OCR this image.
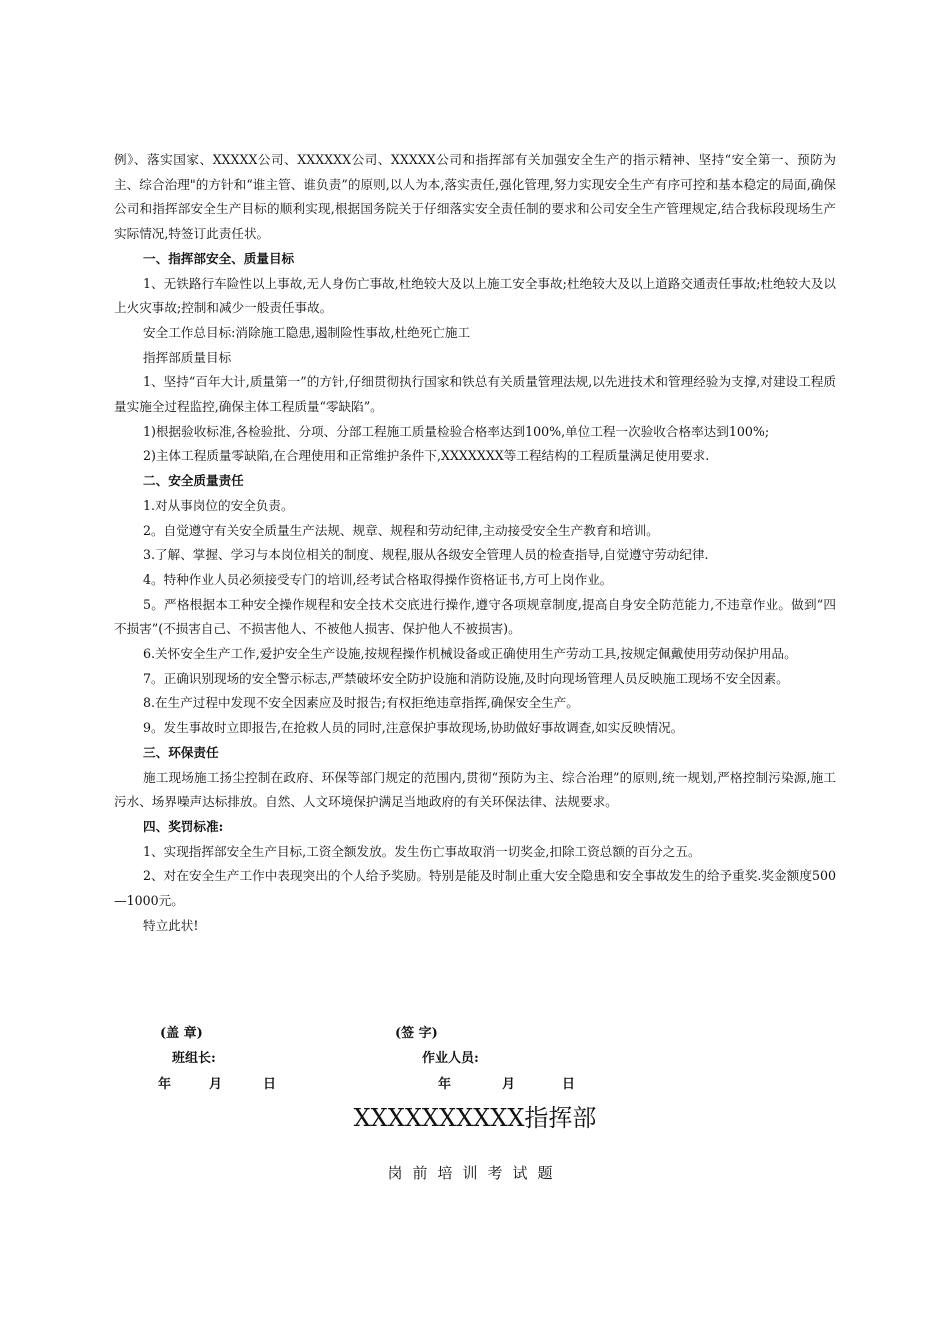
例》、落实国家、XXXXX公司、XXXXXX公司、XXXXX公司和指挥部有关加强安全生产的指示精神、坚持“安全第一、预防为主、综合治理"的方针和“谁主管、谁负责”的原则,以人为本,落实责任,强化管理,努力实现安全生产有序可控和基本稳定的局面,确保公司和指挥部安全生产目标的顺利实现,根据国务院关于仔细落实安全责任制的要求和公司安全生产管理规定,结合我标段现场生产实际情况,特签订此责任状。

一、指挥部安全、质量目标

1、无铁路行车险性以上事故,无人身伤亡事故,杜绝较大及以上施工安全事故;杜绝较大及以上道路交通责任事故;杜绝较大及以上火灾事故;控制和减少一般责任事故。

安全工作总目标:消除施工隐患,遏制险性事故,杜绝死亡施工

指挥部质量目标

1、坚持“百年大计,质量第一”的方针,仔细贯彻执行国家和铁总有关质量管理法规,以先进技术和管理经验为支撑,对建设工程质量实施全过程监控,确保主体工程质量“零缺陷”。

1)根据验收标准,各检验批、分项、分部工程施工质量检验合格率达到100%,单位工程一次验收合格率达到100%;

2)主体工程质量零缺陷,在合理使用和正常维护条件下,XXXXXXX等工程结构的工程质量满足使用要求.

二、安全质量责任

1.对从事岗位的安全负责。

2。自觉遵守有关安全质量生产法规、规章、规程和劳动纪律,主动接受安全生产教育和培训。

3.了解、掌握、学习与本岗位相关的制度、规程,服从各级安全管理人员的检查指导,自觉遵守劳动纪律.

4。特种作业人员必须接受专门的培训,经考试合格取得操作资格证书,方可上岗作业。

5。严格根据本工种安全操作规程和安全技术交底进行操作,遵守各项规章制度,提高自身安全防范能力,不违章作业。做到“四不损害”(不损害自己、不损害他人、不被他人损害、保护他人不被损害)。

6.关怀安全生产工作,爱护安全生产设施,按规程操作机械设备或正确使用生产劳动工具,按规定佩戴使用劳动保护用品。

7。正确识别现场的安全警示标志,严禁破坏安全防护设施和消防设施,及时向现场管理人员反映施工现场不安全因素。

8.在生产过程中发现不安全因素应及时报告;有权拒绝违章指挥,确保安全生产。

9。发生事故时立即报告,在抢救人员的同时,注意保护事故现场,协助做好事故调查,如实反映情况。

三、环保责任

施工现场施工扬尘控制在政府、环保等部门规定的范围内,贯彻“预防为主、综合治理”的原则,统一规划,严格控制污染源,施工污水、场界噪声达标排放。自然、人文环境保护满足当地政府的有关环保法律、法规要求。

四、奖罚标准:

1、实现指挥部安全生产目标,工资全额发放。发生伤亡事故取消一切奖金,扣除工资总额的百分之五。

2、对在安全生产工作中表现突出的个人给予奖励。特别是能及时制止重大安全隐患和安全事故发生的给予重奖.奖金额度500—1000元。

特立此状!

(盖 章)	(签 字)
班组长:	作业人员:
年	月	日	年	月	日
XXXXXXXXXX指挥部
岗前培训考试题
